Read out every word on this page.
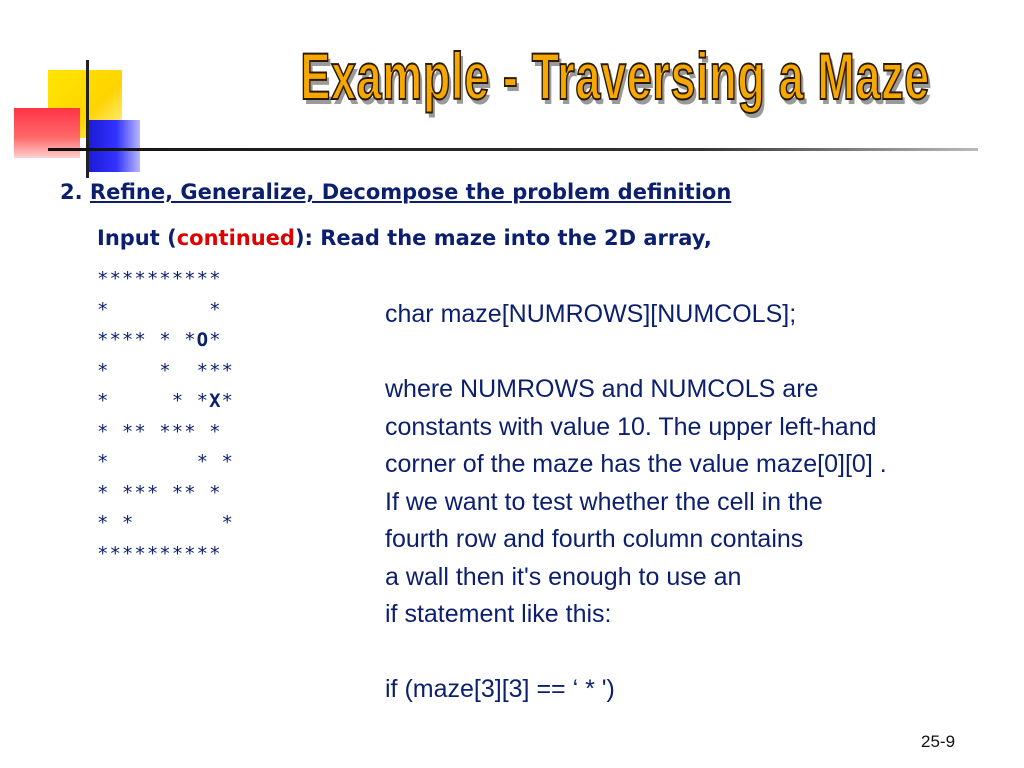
Example - Traversing a Maze
2. Refine, Generalize, Decompose the problem definition
Input (continued): Read the maze into the 2D array,
**********
*	*
**** * *O*
*	* ***
*	* *X*
* ** *** *
*	* *
* *** ** *
* *	*
**********
char maze[NUMROWS][NUMCOLS];
where NUMROWS and NUMCOLS are
constants with value 10. The upper left-hand
corner of the maze has the value maze[0][0] .
If we want to test whether the cell in the
fourth row and fourth column contains
a wall then it's enough to use an
if statement like this:
if (maze[3][3] == ‘ * ')
25-9
